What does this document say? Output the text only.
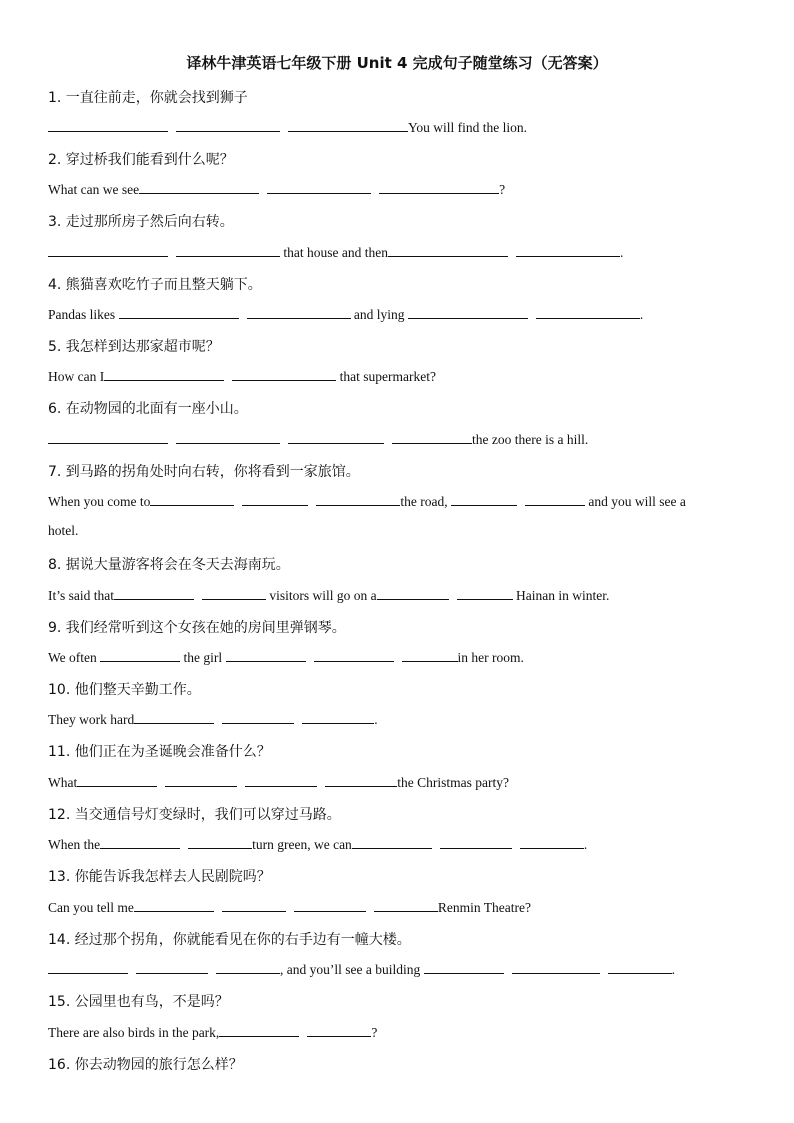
译林牛津英语七年级下册 Unit 4 完成句子随堂练习（无答案）
1. 一直往前走，你就会找到狮子
You will find the lion.
2. 穿过桥我们能看到什么呢？
What can we see	?
3. 走过那所房子然后向右转。
that house and then	.
4. 熊猫喜欢吃竹子而且整天躺下。
Pandas likes	and lying	.
5. 我怎样到达那家超市呢？
How can I	that supermarket?
6. 在动物园的北面有一座小山。
the zoo there is a hill.
7. 到马路的拐角处时向右转，你将看到一家旅馆。
When you come to	the road,	and you will see a
hotel.
8. 据说大量游客将会在冬天去海南玩。
It’s said that	visitors will go on a	Hainan in winter.
9. 我们经常听到这个女孩在她的房间里弹钢琴。
We often	the girl	in her room.
10. 他们整天辛勤工作。
They work hard	.
11. 他们正在为圣诞晚会准备什么？
What	the Christmas party?
12. 当交通信号灯变绿时，我们可以穿过马路。
When the	turn green, we can	.
13. 你能告诉我怎样去人民剧院吗？
Can you tell me	Renmin Theatre?
14. 经过那个拐角，你就能看见在你的右手边有一幢大楼。
, and you’ll see a building	.
15. 公园里也有鸟，不是吗？
There are also birds in the park,	?
16. 你去动物园的旅行怎么样？
